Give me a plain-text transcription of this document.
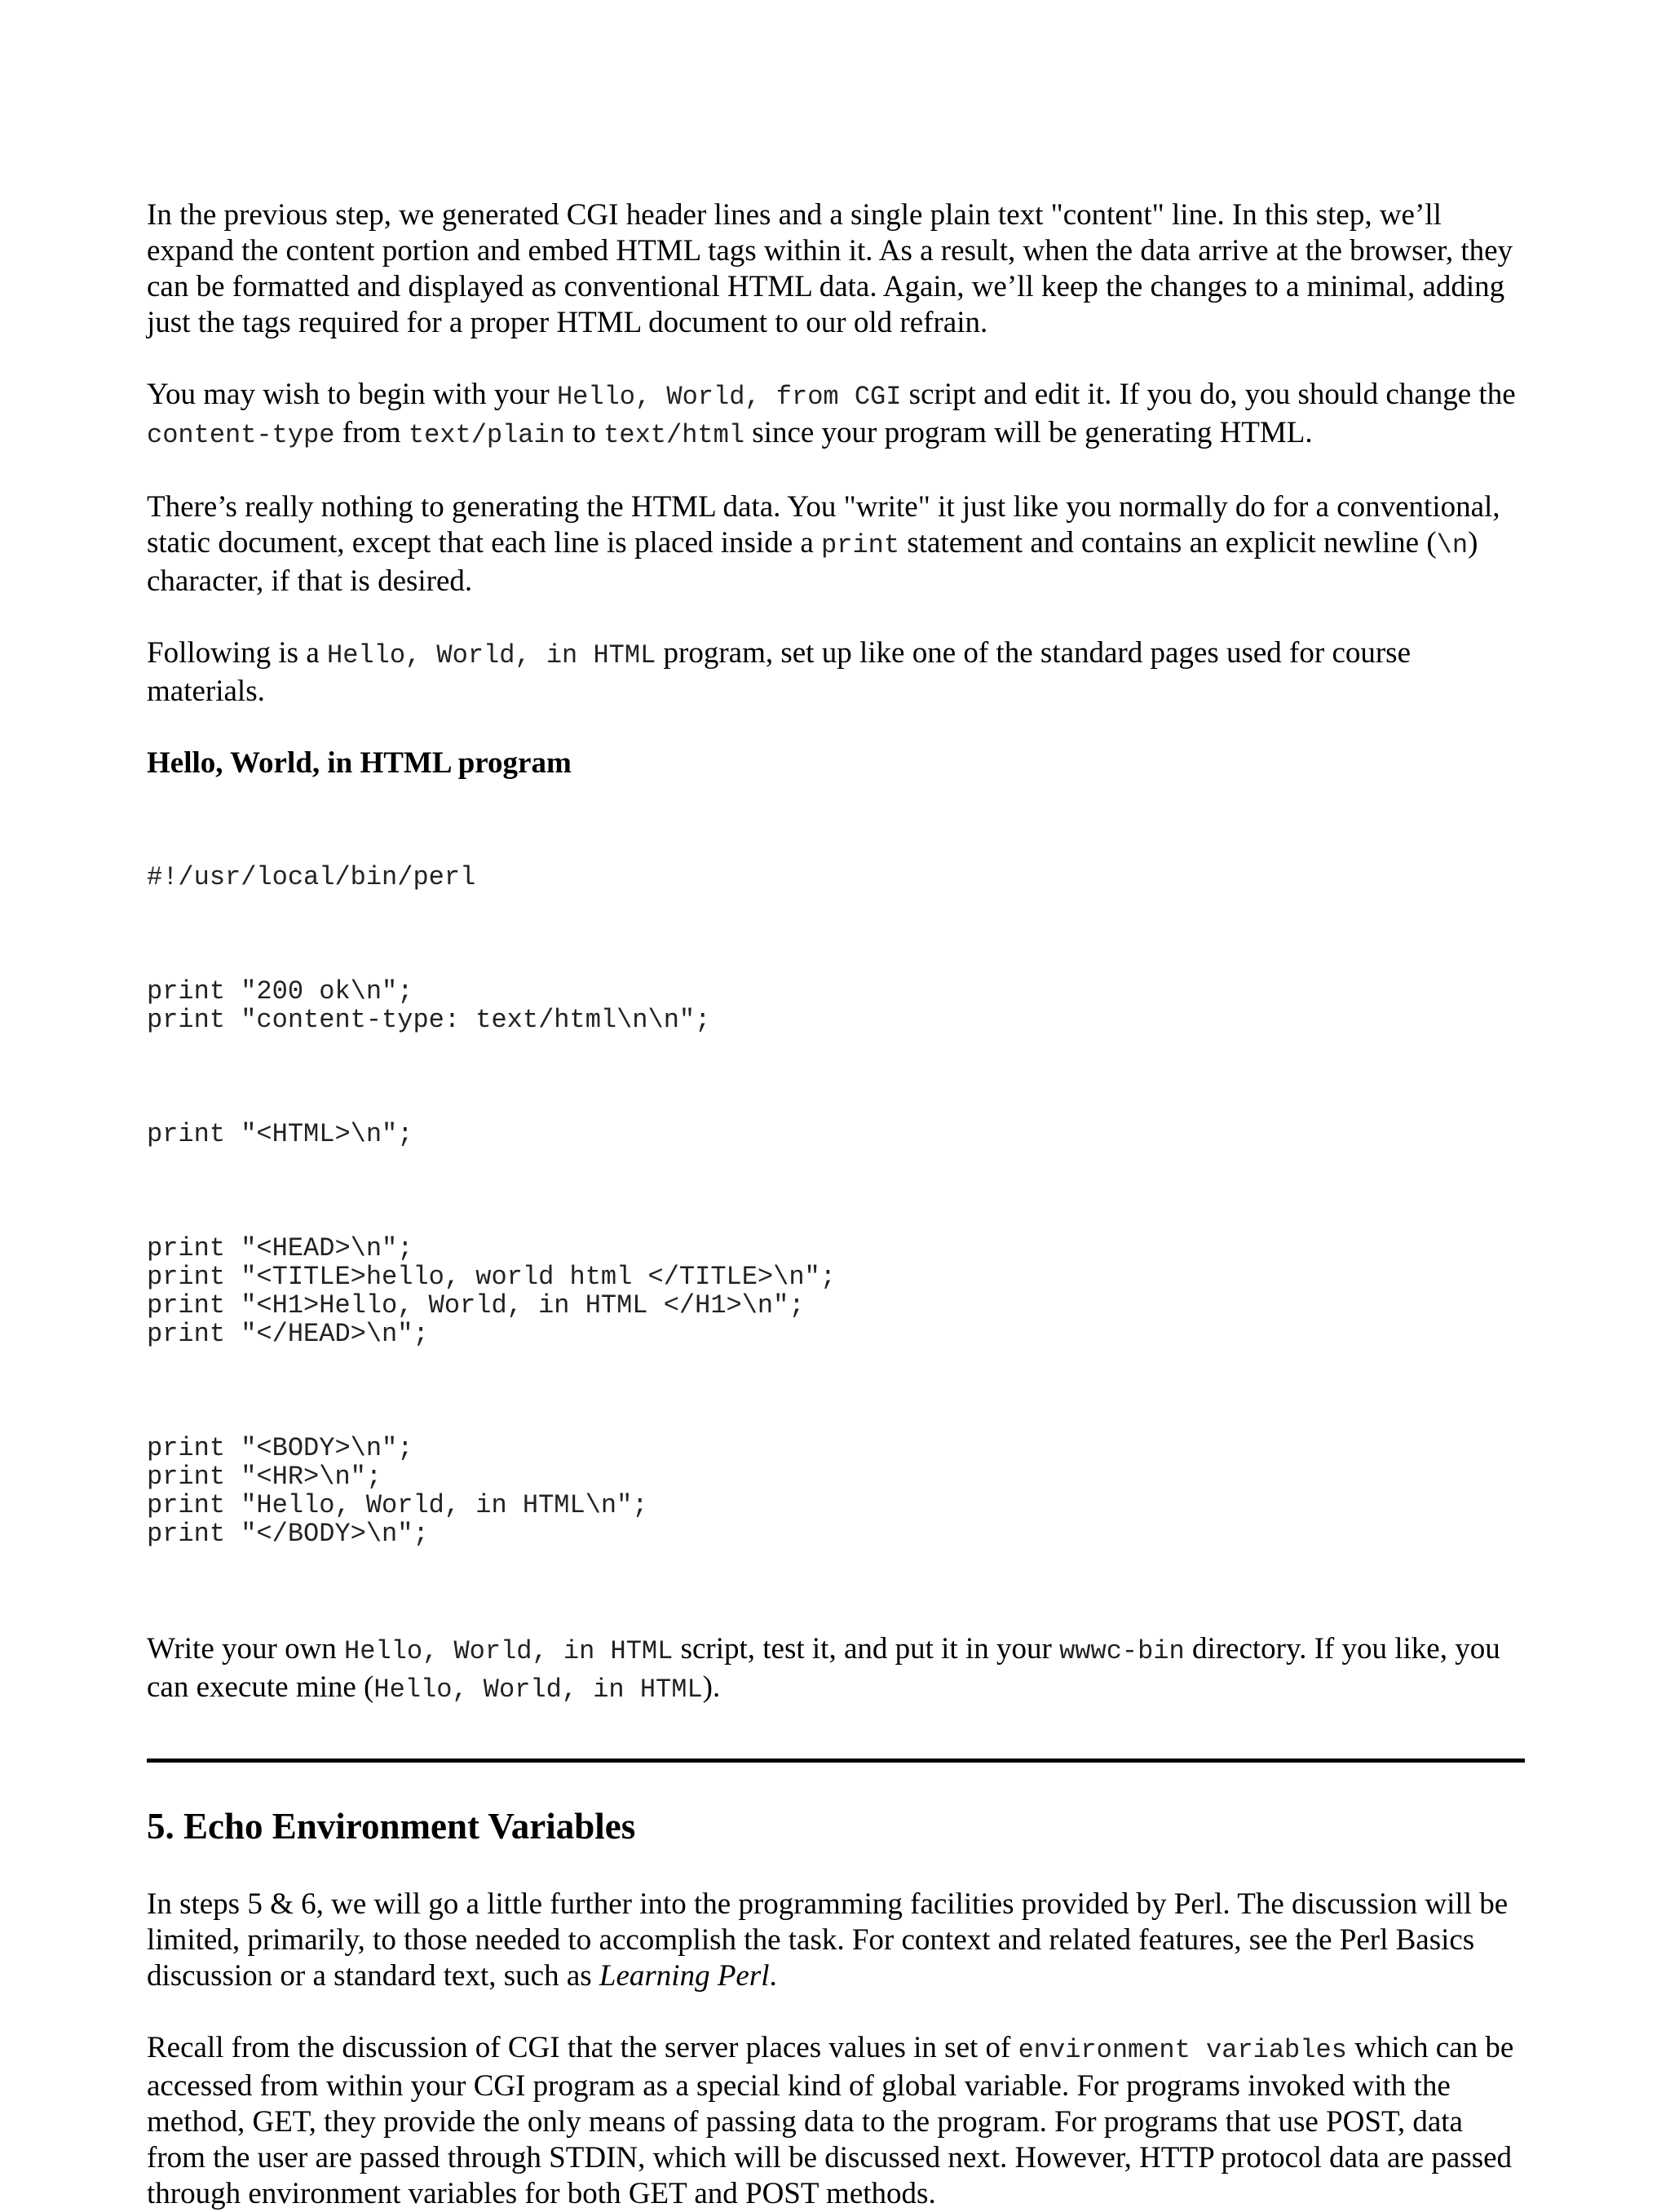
In the previous step, we generated CGI header lines and a single plain text "content" line. In this step, we’ll expand the content portion and embed HTML tags within it. As a result, when the data arrive at the browser, they can be formatted and displayed as conventional HTML data. Again, we’ll keep the changes to a minimal, adding just the tags required for a proper HTML document to our old refrain.

You may wish to begin with your Hello, World, from CGI script and edit it. If you do, you should change the content-type from text/plain to text/html since your program will be generating HTML.

There’s really nothing to generating the HTML data. You "write" it just like you normally do for a conventional, static document, except that each line is placed inside a print statement and contains an explicit newline (\n) character, if that is desired.

Following is a Hello, World, in HTML program, set up like one of the standard pages used for course materials.

Hello, World, in HTML program

#!/usr/local/bin/perl

print "200 ok\n";
print "content-type: text/html\n\n";

print "<HTML>\n";

print "<HEAD>\n";
print "<TITLE>hello, world html </TITLE>\n";
print "<H1>Hello, World, in HTML </H1>\n";
print "</HEAD>\n";

print "<BODY>\n";
print "<HR>\n";
print "Hello, World, in HTML\n";
print "</BODY>\n";

Write your own Hello, World, in HTML script, test it, and put it in your wwwc-bin directory. If you like, you can execute mine (Hello, World, in HTML).

5. Echo Environment Variables

In steps 5 & 6, we will go a little further into the programming facilities provided by Perl. The discussion will be limited, primarily, to those needed to accomplish the task. For context and related features, see the Perl Basics discussion or a standard text, such as Learning Perl.

Recall from the discussion of CGI that the server places values in set of environment variables which can be accessed from within your CGI program as a special kind of global variable. For programs invoked with the method, GET, they provide the only means of passing data to the program. For programs that use POST, data from the user are passed through STDIN, which will be discussed next. However, HTTP protocol data are passed through environment variables for both GET and POST methods.
